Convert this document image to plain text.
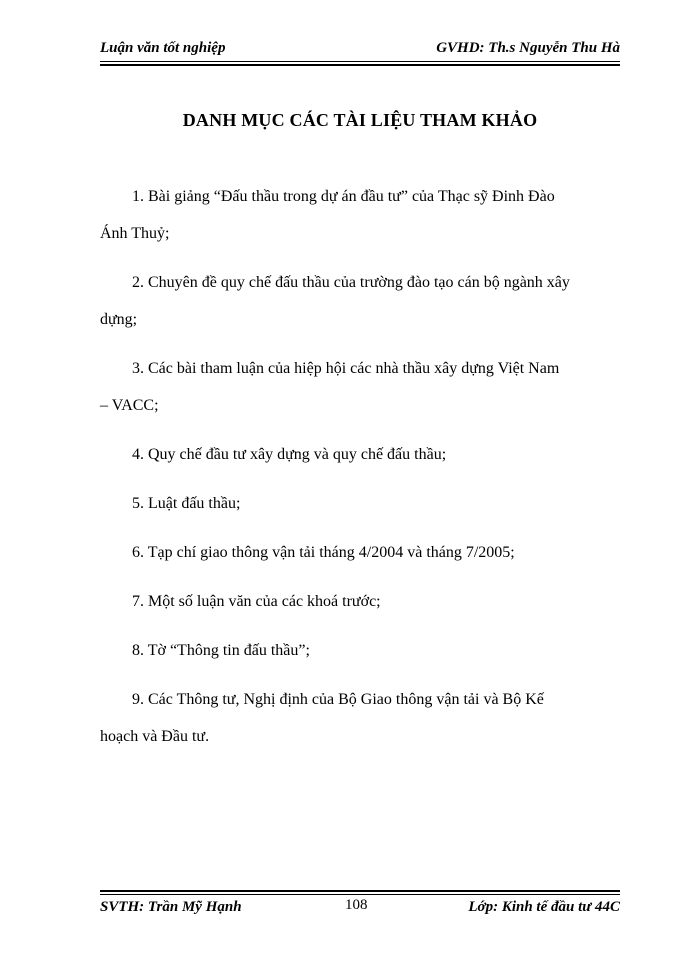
Luận văn tốt nghiệp	GVHD: Th.s Nguyễn Thu Hà
DANH MỤC CÁC TÀI LIỆU THAM KHẢO
1. Bài giảng “Đấu thầu trong dự án đầu tư” của Thạc sỹ Đinh Đào Ánh Thuỷ;
2. Chuyên đề quy chế đấu thầu của trường đào tạo cán bộ ngành xây dựng;
3. Các bài tham luận của hiệp hội các nhà thầu xây dựng Việt Nam – VACC;
4. Quy chế đầu tư xây dựng và quy chế đấu thầu;
5. Luật đấu thầu;
6. Tạp chí giao thông vận tải tháng 4/2004 và tháng 7/2005;
7. Một số luận văn của các khoá trước;
8. Tờ “Thông tin đấu thầu”;
9. Các Thông tư, Nghị định của Bộ Giao thông vận tải và Bộ Kế hoạch và Đầu tư.
SVTH: Trần Mỹ Hạnh	108	Lớp: Kinh tế đầu tư 44C
